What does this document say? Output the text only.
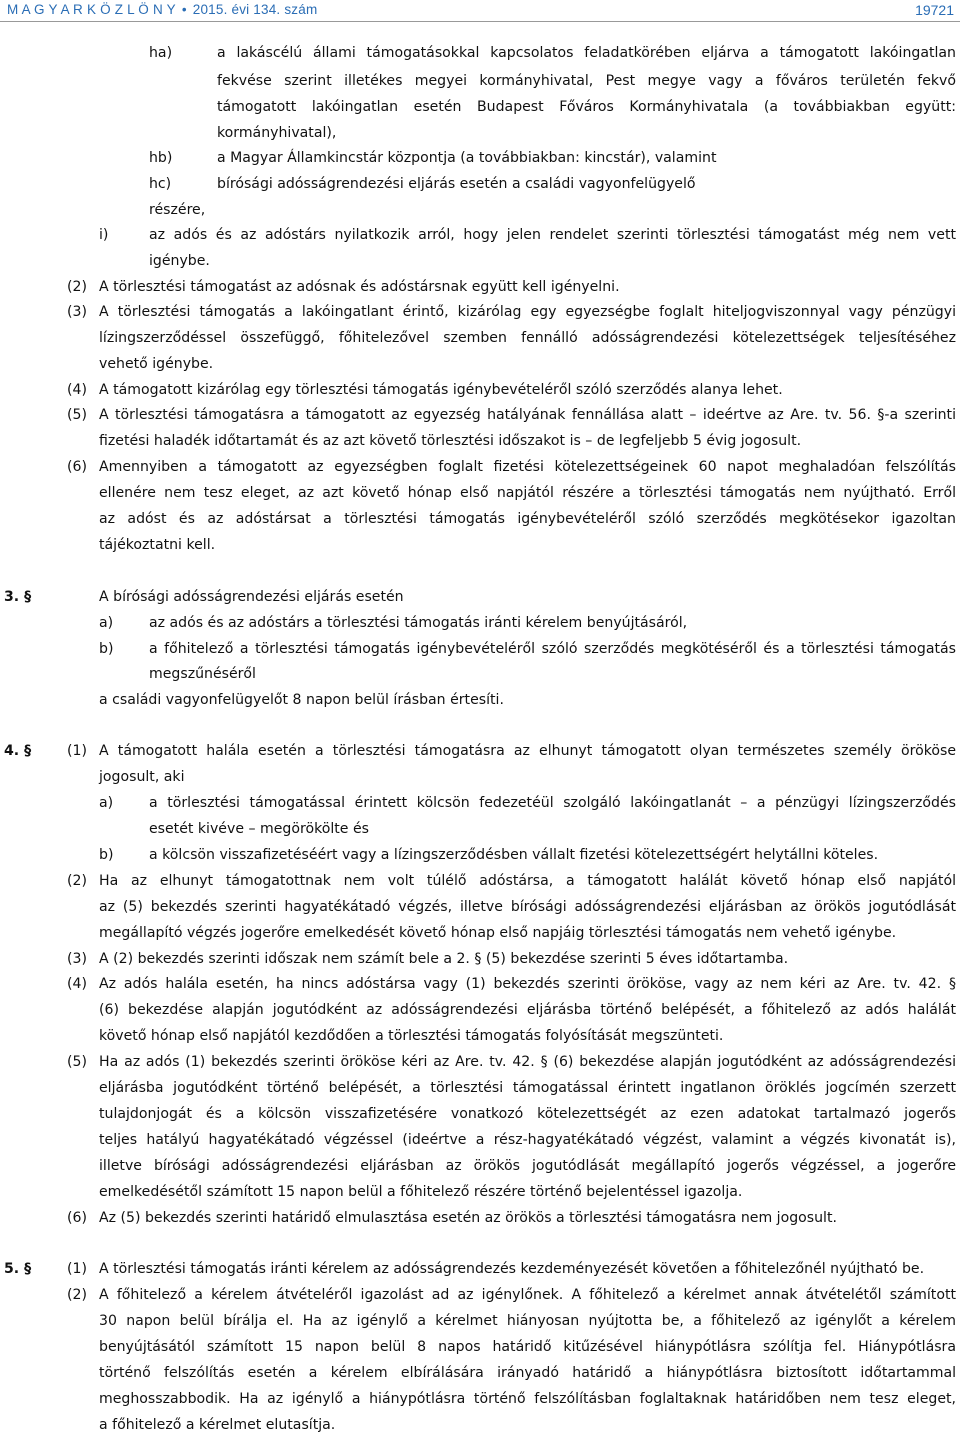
M A G Y A R K Ö Z L Ö N Y • 2015. évi 134. szám	19721
ha)	a lakáscélú állami támogatásokkal kapcsolatos feladatkörében eljárva a támogatott lakóingatlan
fekvése szerint illetékes megyei kormányhivatal, Pest megye vagy a főváros területén fekvő
támogatott lakóingatlan esetén Budapest Főváros Kormányhivatala (a továbbiakban együtt:
kormányhivatal),
hb)	a Magyar Államkincstár központja (a továbbiakban: kincstár), valamint
hc)	bírósági adósságrendezési eljárás esetén a családi vagyonfelügyelő
részére,
i)	az adós és az adóstárs nyilatkozik arról, hogy jelen rendelet szerinti törlesztési támogatást még nem vett
igénybe.
(2) A törlesztési támogatást az adósnak és adóstársnak együtt kell igényelni.
(3) A törlesztési támogatás a lakóingatlant érintő, kizárólag egy egyezségbe foglalt hiteljogviszonnyal vagy pénzügyi
lízingszerződéssel összefüggő, főhitelezővel szemben fennálló adósságrendezési kötelezettségek teljesítéséhez
vehető igénybe.
(4) A támogatott kizárólag egy törlesztési támogatás igénybevételéről szóló szerződés alanya lehet.
(5) A törlesztési támogatásra a támogatott az egyezség hatályának fennállása alatt – ideértve az Are. tv. 56. §-a szerinti
fizetési haladék időtartamát és az azt követő törlesztési időszakot is – de legfeljebb 5 évig jogosult.
(6) Amennyiben a támogatott az egyezségben foglalt fizetési kötelezettségeinek 60 napot meghaladóan felszólítás
ellenére nem tesz eleget, az azt követő hónap első napjától részére a törlesztési támogatás nem nyújtható. Erről
az adóst és az adóstársat a törlesztési támogatás igénybevételéről szóló szerződés megkötésekor igazoltan
tájékoztatni kell.
3. §	A bírósági adósságrendezési eljárás esetén
a)	az adós és az adóstárs a törlesztési támogatás iránti kérelem benyújtásáról,
b)	a főhitelező a törlesztési támogatás igénybevételéről szóló szerződés megkötéséről és a törlesztési támogatás
megszűnéséről
a családi vagyonfelügyelőt 8 napon belül írásban értesíti.
4. §	(1) A támogatott halála esetén a törlesztési támogatásra az elhunyt támogatott olyan természetes személy örököse
jogosult, aki
a)	a törlesztési támogatással érintett kölcsön fedezetéül szolgáló lakóingatlanát – a pénzügyi lízingszerződés
esetét kivéve – megörökölte és
b)	a kölcsön visszafizetéséért vagy a lízingszerződésben vállalt fizetési kötelezettségért helytállni köteles.
(2) Ha az elhunyt támogatottnak nem volt túlélő adóstársa, a támogatott halálát követő hónap első napjától
az (5) bekezdés szerinti hagyatékátadó végzés, illetve bírósági adósságrendezési eljárásban az örökös jogutódlását
megállapító végzés jogerőre emelkedését követő hónap első napjáig törlesztési támogatás nem vehető igénybe.
(3) A (2) bekezdés szerinti időszak nem számít bele a 2. § (5) bekezdése szerinti 5 éves időtartamba.
(4) Az adós halála esetén, ha nincs adóstársa vagy (1) bekezdés szerinti örököse, vagy az nem kéri az Are. tv. 42. §
(6) bekezdése alapján jogutódként az adósságrendezési eljárásba történő belépését, a főhitelező az adós halálát
követő hónap első napjától kezdődően a törlesztési támogatás folyósítását megszünteti.
(5) Ha az adós (1) bekezdés szerinti örököse kéri az Are. tv. 42. § (6) bekezdése alapján jogutódként az adósságrendezési
eljárásba jogutódként történő belépését, a törlesztési támogatással érintett ingatlanon öröklés jogcímén szerzett
tulajdonjogát és a kölcsön visszafizetésére vonatkozó kötelezettségét az ezen adatokat tartalmazó jogerős
teljes hatályú hagyatékátadó végzéssel (ideértve a rész-hagyatékátadó végzést, valamint a végzés kivonatát is),
illetve bírósági adósságrendezési eljárásban az örökös jogutódlását megállapító jogerős végzéssel, a jogerőre
emelkedésétől számított 15 napon belül a főhitelező részére történő bejelentéssel igazolja.
(6) Az (5) bekezdés szerinti határidő elmulasztása esetén az örökös a törlesztési támogatásra nem jogosult.
5. §	(1) A törlesztési támogatás iránti kérelem az adósságrendezés kezdeményezését követően a főhitelezőnél nyújtható be.
(2) A főhitelező a kérelem átvételéről igazolást ad az igénylőnek. A főhitelező a kérelmet annak átvételétől számított
30 napon belül bírálja el. Ha az igénylő a kérelmet hiányosan nyújtotta be, a főhitelező az igénylőt a kérelem
benyújtásától számított 15 napon belül 8 napos határidő kitűzésével hiánypótlásra szólítja fel. Hiánypótlásra
történő felszólítás esetén a kérelem elbírálására irányadó határidő a hiánypótlásra biztosított időtartammal
meghosszabbodik. Ha az igénylő a hiánypótlásra történő felszólításban foglaltaknak határidőben nem tesz eleget,
a főhitelező a kérelmet elutasítja.
